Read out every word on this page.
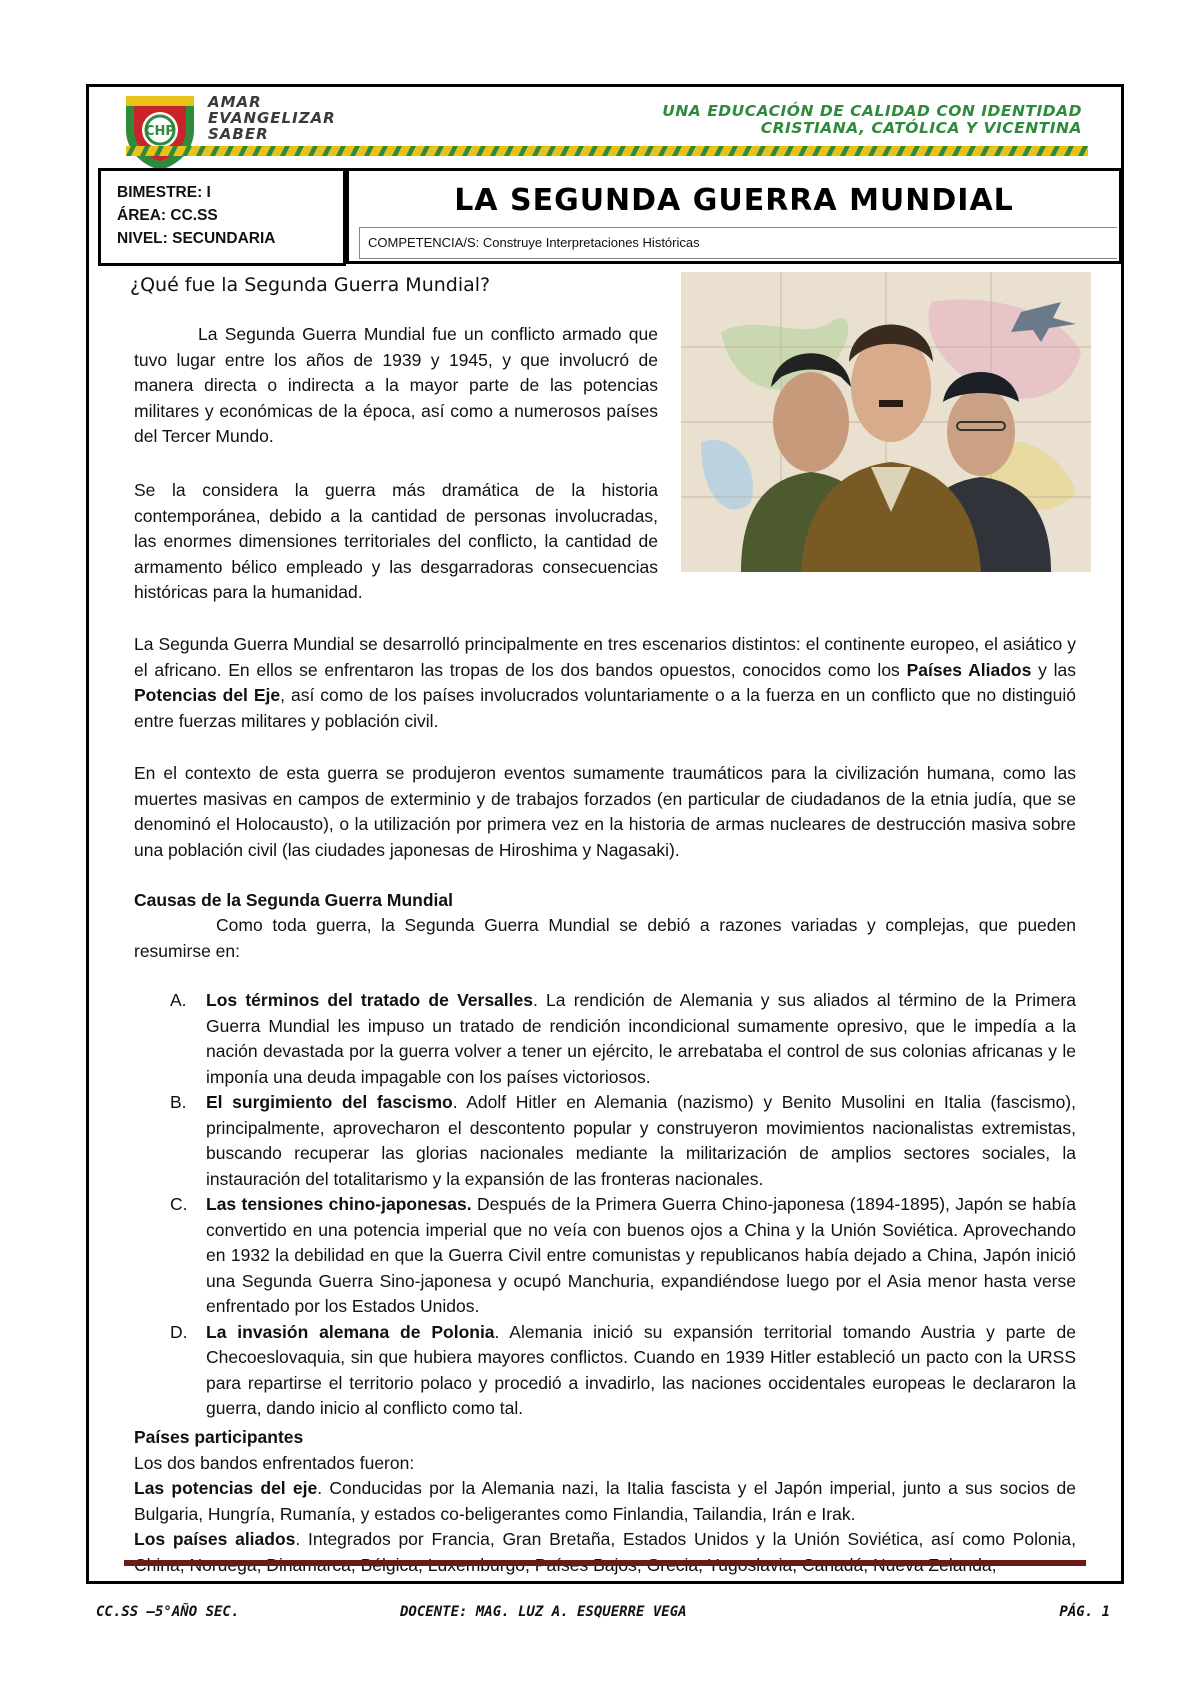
CHP
AMAR
EVANGELIZAR
SABER
UNA EDUCACIÓN DE CALIDAD CON IDENTIDAD
CRISTIANA, CATÓLICA Y VICENTINA
BIMESTRE: I
ÁREA: CC.SS
NIVEL: SECUNDARIA
LA SEGUNDA GUERRA MUNDIAL
COMPETENCIA/S: Construye Interpretaciones Históricas
¿Qué fue la Segunda Guerra Mundial?
La Segunda Guerra Mundial fue un conflicto armado que tuvo lugar entre los años de 1939 y 1945, y que involucró de manera directa o indirecta a la mayor parte de las potencias militares y económicas de la época, así como a numerosos países del Tercer Mundo.
Se la considera la guerra más dramática de la historia contemporánea, debido a la cantidad de personas involucradas, las enormes dimensiones territoriales del conflicto, la cantidad de armamento bélico empleado y las desgarradoras consecuencias históricas para la humanidad.
La Segunda Guerra Mundial se desarrolló principalmente en tres escenarios distintos: el continente europeo, el asiático y el africano. En ellos se enfrentaron las tropas de los dos bandos opuestos, conocidos como los Países Aliados y las Potencias del Eje, así como de los países involucrados voluntariamente o a la fuerza en un conflicto que no distinguió entre fuerzas militares y población civil.
En el contexto de esta guerra se produjeron eventos sumamente traumáticos para la civilización humana, como las muertes masivas en campos de exterminio y de trabajos forzados (en particular de ciudadanos de la etnia judía, que se denominó el Holocausto), o la utilización por primera vez en la historia de armas nucleares de destrucción masiva sobre una población civil (las ciudades japonesas de Hiroshima y Nagasaki).
Causas de la Segunda Guerra Mundial
Como toda guerra, la Segunda Guerra Mundial se debió a razones variadas y complejas, que pueden resumirse en:
A. Los términos del tratado de Versalles. La rendición de Alemania y sus aliados al término de la Primera Guerra Mundial les impuso un tratado de rendición incondicional sumamente opresivo, que le impedía a la nación devastada por la guerra volver a tener un ejército, le arrebataba el control de sus colonias africanas y le imponía una deuda impagable con los países victoriosos.
B. El surgimiento del fascismo. Adolf Hitler en Alemania (nazismo) y Benito Musolini en Italia (fascismo), principalmente, aprovecharon el descontento popular y construyeron movimientos nacionalistas extremistas, buscando recuperar las glorias nacionales mediante la militarización de amplios sectores sociales, la instauración del totalitarismo y la expansión de las fronteras nacionales.
C. Las tensiones chino-japonesas. Después de la Primera Guerra Chino-japonesa (1894-1895), Japón se había convertido en una potencia imperial que no veía con buenos ojos a China y la Unión Soviética. Aprovechando en 1932 la debilidad en que la Guerra Civil entre comunistas y republicanos había dejado a China, Japón inició una Segunda Guerra Sino-japonesa y ocupó Manchuria, expandiéndose luego por el Asia menor hasta verse enfrentado por los Estados Unidos.
D. La invasión alemana de Polonia. Alemania inició su expansión territorial tomando Austria y parte de Checoeslovaquia, sin que hubiera mayores conflictos. Cuando en 1939 Hitler estableció un pacto con la URSS para repartirse el territorio polaco y procedió a invadirlo, las naciones occidentales europeas le declararon la guerra, dando inicio al conflicto como tal.
Países participantes
Los dos bandos enfrentados fueron:
Las potencias del eje. Conducidas por la Alemania nazi, la Italia fascista y el Japón imperial, junto a sus socios de Bulgaria, Hungría, Rumanía, y estados co-beligerantes como Finlandia, Tailandia, Irán e Irak.
Los países aliados. Integrados por Francia, Gran Bretaña, Estados Unidos y la Unión Soviética, así como Polonia,
CC.SS –5°AÑO SEC.	DOCENTE: MAG. LUZ A. ESQUERRE VEGA	PÁG. 1
